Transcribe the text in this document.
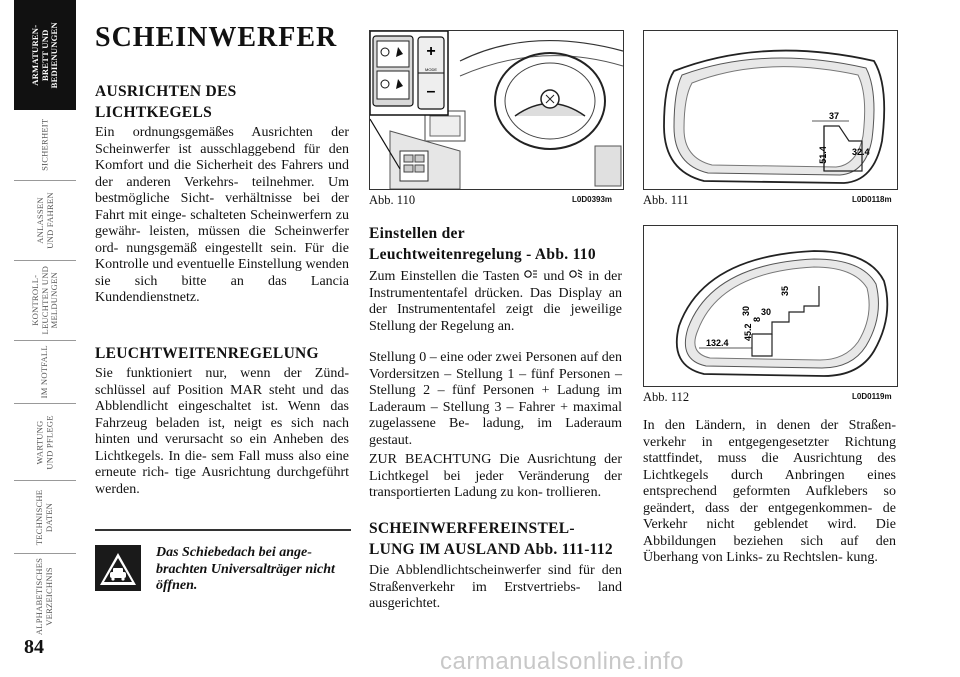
ARMATUREN-
BRETT UND
BEDIENUNGEN
SICHERHEIT
ANLASSEN
UND FAHREN
KONTROLL-
LEUCHTEN UND
MELDUNGEN
IM NOTFALL
WARTUNG
UND PFLEGE
TECHNISCHE
DATEN
ALPHABETISCHES
VERZEICHNIS
84
SCHEINWERFER
AUSRICHTEN DES
LICHTKEGELS
Ein ordnungsgemäßes Ausrichten der Scheinwerfer ist ausschlaggebend für den Komfort und die Sicherheit des Fahrers und der anderen Verkehrs- teilnehmer. Um bestmögliche Sicht- verhältnisse bei der Fahrt mit einge- schalteten Scheinwerfern zu gewähr- leisten, müssen die Scheinwerfer ord- nungsgemäß eingestellt sein. Für die Kontrolle und eventuelle Einstellung wenden sie sich bitte an das Lancia Kundendienstnetz.
LEUCHTWEITENREGELUNG
Sie funktioniert nur, wenn der Zünd- schlüssel auf Position MAR steht und das Abblendlicht eingeschaltet ist. Wenn das Fahrzeug beladen ist, neigt es sich nach hinten und verursacht so ein Anheben des Lichtkegels. In die- sem Fall muss also eine erneute rich- tige Ausrichtung durchgeführt werden.
Das Schiebedach bei ange- brachten Universalträger nicht öffnen.
+
MODE
–
Abb. 110	L0D0393m
Einstellen der
Leuchtweitenregelung - Abb. 110
Zum Einstellen die Tasten und in der Instrumententafel drücken. Das Display an der Instrumententafel zeigt die jeweilige Stellung der Regelung an.
Stellung 0 – eine oder zwei Personen auf den Vordersitzen – Stellung 1 – fünf Personen – Stellung 2 – fünf Personen + Ladung im Laderaum – Stellung 3 – Fahrer + maximal zugelassene Be- ladung, im Laderaum gestaut.
ZUR BEACHTUNG Die Ausrichtung der Lichtkegel bei jeder Veränderung der transportierten Ladung zu kon- trollieren.
SCHEINWERFEREINSTEL-
LUNG IM AUSLAND Abb. 111-112
Die Abblendlichtscheinwerfer sind für den Straßenverkehr im Erstvertriebs- land ausgerichtet.
37
51.4	32.4
Abb. 111	L0D0118m
132.4
45.2
30
8
30
35
Abb. 112	L0D0119m
In den Ländern, in denen der Straßen- verkehr in entgegengesetzter Richtung stattfindet, muss die Ausrichtung des Lichtkegels durch Anbringen eines entsprechend geformten Aufklebers so geändert, dass der entgegenkommen- de Verkehr nicht geblendet wird. Die Abbildungen beziehen sich auf den Überhang von Links- zu Rechtslen- kung.
carmanualsonline.info
